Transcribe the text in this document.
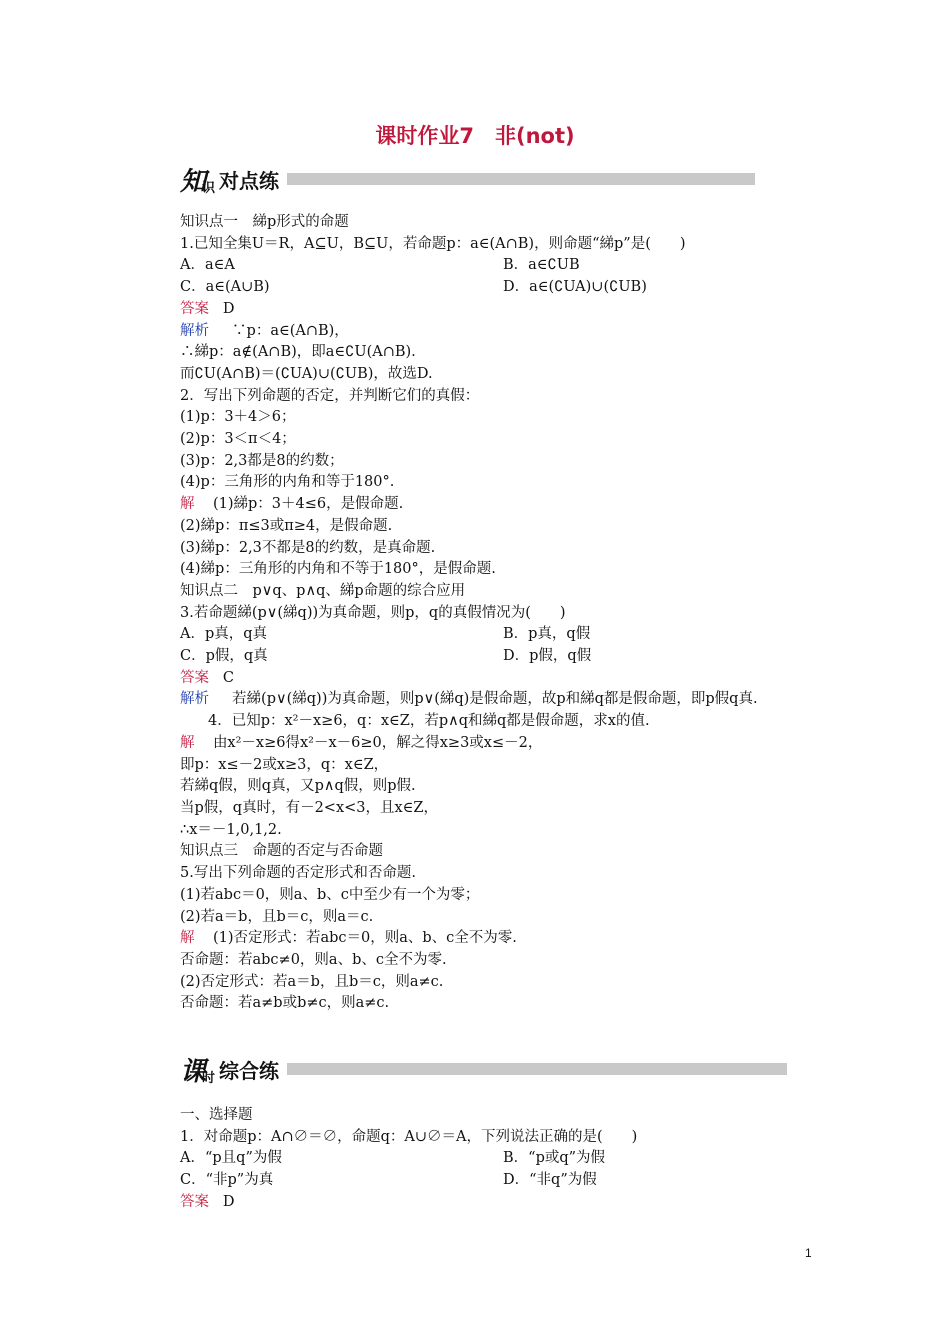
课时作业7　非(not)
知
识 对点练
知识点一　綈p形式的命题
1.已知全集U＝R，A⊆U，B⊆U，若命题p：a∈(A∩B)，则命题“綈p”是(　　)
A．a∈A	B．a∈∁UB
C．a∈(A∪B)	D．a∈(∁UA)∪(∁UB)
答案 D
解析 ∵p：a∈(A∩B)，
∴綈p：a∉(A∩B)，即a∈∁U(A∩B).
而∁U(A∩B)＝(∁UA)∪(∁UB)，故选D.
2．写出下列命题的否定，并判断它们的真假：
(1)p：3＋4＞6；
(2)p：3＜π＜4；
(3)p：2,3都是8的约数；
(4)p：三角形的内角和等于180°.
解 (1)綈p：3＋4≤6，是假命题.
(2)綈p：π≤3或π≥4，是假命题.
(3)綈p：2,3不都是8的约数，是真命题.
(4)綈p：三角形的内角和不等于180°，是假命题.
知识点二　p∨q、p∧q、綈p命题的综合应用
3.若命题綈(p∨(綈q))为真命题，则p，q的真假情况为(　　)
A．p真，q真	B．p真，q假
C．p假，q真	D．p假，q假
答案 C
解析 若綈(p∨(綈q))为真命题，则p∨(綈q)是假命题，故p和綈q都是假命题，即p假q真.
4．已知p：x²－x≥6，q：x∈Z，若p∧q和綈q都是假命题，求x的值.
解 由x²－x≥6得x²－x－6≥0，解之得x≥3或x≤－2，
即p：x≤－2或x≥3，q：x∈Z，
若綈q假，则q真，又p∧q假，则p假.
当p假，q真时，有－2<x<3，且x∈Z，
∴x＝－1,0,1,2.
知识点三　命题的否定与否命题
5.写出下列命题的否定形式和否命题.
(1)若abc＝0，则a、b、c中至少有一个为零；
(2)若a＝b，且b＝c，则a＝c.
解 (1)否定形式：若abc＝0，则a、b、c全不为零.
否命题：若abc≠0，则a、b、c全不为零.
(2)否定形式：若a＝b，且b＝c，则a≠c.
否命题：若a≠b或b≠c，则a≠c.
课
时 综合练
一、选择题
1．对命题p：A∩∅＝∅，命题q：A∪∅＝A，下列说法正确的是(　　)
A．“p且q”为假	B．“p或q”为假
C．“非p”为真	D．“非q”为假
答案 D
1
